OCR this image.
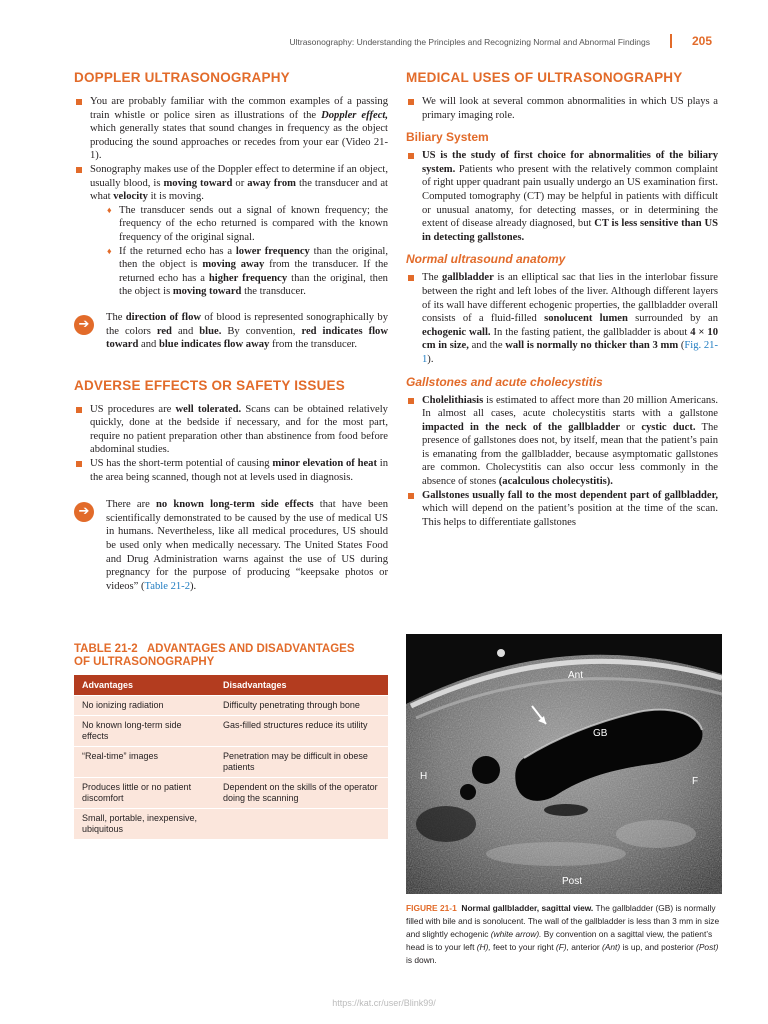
Ultrasonography: Understanding the Principles and Recognizing Normal and Abnormal Findings	205
DOPPLER ULTRASONOGRAPHY
You are probably familiar with the common examples of a passing train whistle or police siren as illustrations of the Doppler effect, which generally states that sound changes in frequency as the object producing the sound approaches or recedes from your ear (Video 21-1).
Sonography makes use of the Doppler effect to determine if an object, usually blood, is moving toward or away from the transducer and at what velocity it is moving.
♦ The transducer sends out a signal of known frequency; the frequency of the echo returned is compared with the known frequency of the original signal.
♦ If the returned echo has a lower frequency than the original, then the object is moving away from the transducer. If the returned echo has a higher frequency than the original, then the object is moving toward the transducer.
➔	The direction of flow of blood is represented sonographically by the colors red and blue. By convention, red indicates flow toward and blue indicates flow away from the transducer.

ADVERSE EFFECTS OR SAFETY ISSUES
US procedures are well tolerated. Scans can be obtained relatively quickly, done at the bedside if necessary, and for the most part, require no patient preparation other than abstinence from food before abdominal studies.
US has the short-term potential of causing minor elevation of heat in the area being scanned, though not at levels used in diagnosis.
➔	There are no known long-term side effects that have been scientifically demonstrated to be caused by the use of medical US in humans. Nevertheless, like all medical procedures, US should be used only when medically necessary. The United States Food and Drug Administration warns against the use of US during pregnancy for the purpose of producing “keepsake photos or videos” (Table 21-2).

TABLE 21-2   ADVANTAGES AND DISADVANTAGES
OF ULTRASONOGRAPHY
Advantages	Disadvantages
No ionizing radiation	Difficulty penetrating through bone
No known long-term side effects	Gas-filled structures reduce its utility
“Real-time” images	Penetration may be difficult in obese patients
Produces little or no patient discomfort	Dependent on the skills of the operator doing the scanning
Small, portable, inexpensive, ubiquitous	
MEDICAL USES OF ULTRASONOGRAPHY
We will look at several common abnormalities in which US plays a primary imaging role.
Biliary System
US is the study of first choice for abnormalities of the biliary system. Patients who present with the relatively common complaint of right upper quadrant pain usually undergo an US examination first. Computed tomography (CT) may be helpful in patients with difficult or unusual anatomy, for detecting masses, or in determining the extent of disease already diagnosed, but CT is less sensitive than US in detecting gallstones.
Normal ultrasound anatomy
The gallbladder is an elliptical sac that lies in the interlobar fissure between the right and left lobes of the liver. Although different layers of its wall have different echogenic properties, the gallbladder overall consists of a fluid-filled sonolucent lumen surrounded by an echogenic wall. In the fasting patient, the gallbladder is about 4 × 10 cm in size, and the wall is normally no thicker than 3 mm (Fig. 21-1).
Gallstones and acute cholecystitis
Cholelithiasis is estimated to affect more than 20 million Americans. In almost all cases, acute cholecystitis starts with a gallstone impacted in the neck of the gallbladder or cystic duct. The presence of gallstones does not, by itself, mean that the patient’s pain is emanating from the gallbladder, because asymptomatic gallstones are common. Cholecystitis can also occur less commonly in the absence of stones (acalculous cholecystitis).
Gallstones usually fall to the most dependent part of gallbladder, which will depend on the patient’s position at the time of the scan. This helps to differentiate gallstones
Ant
GB
H	F
Post
FIGURE 21-1 Normal gallbladder, sagittal view. The gallbladder (GB) is normally filled with bile and is sonolucent. The wall of the gallbladder is less than 3 mm in size and slightly echogenic (white arrow). By convention on a sagittal view, the patient’s head is to your left (H), feet to your right (F), anterior (Ant) is up, and posterior (Post) is down.
https://kat.cr/user/Blink99/
